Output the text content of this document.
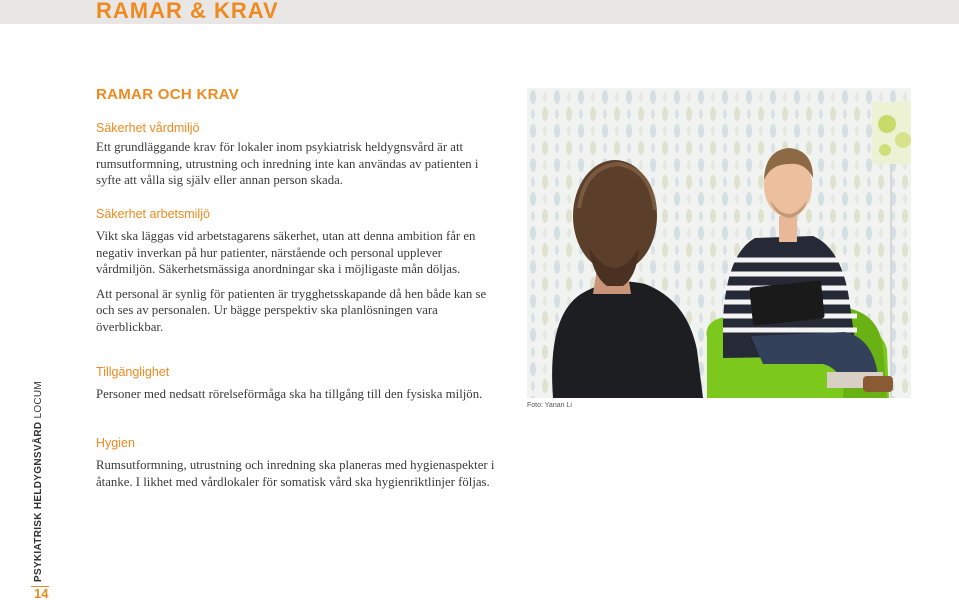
RAMAR & KRAV
RAMAR OCH KRAV
Säkerhet vårdmiljö

Ett grundläggande krav för lokaler inom psykiatrisk heldygnsvård är att rumsutformning, utrustning och inredning inte kan användas av patienten i syfte att vålla sig själv eller annan person skada.

Säkerhet arbetsmiljö

Vikt ska läggas vid arbetstagarens säkerhet, utan att denna ambition får en negativ inverkan på hur patienter, närstående och personal upplever vårdmiljön. Säkerhetsmässiga anordningar ska i möjligaste mån döljas.

Att personal är synlig för patienten är trygghetsskapande då hen både kan se och ses av personalen. Ur bägge perspektiv ska planlösningen vara överblickbar.

Tillgänglighet

Personer med nedsatt rörelseförmåga ska ha tillgång till den fysiska miljön.

Hygien

Rumsutformning, utrustning och inredning ska planeras med hygienaspekter i åtanke. I likhet med vårdlokaler för somatisk vård ska hygienriktlinjer följas.

Foto: Yanan Li
PSYKIATRISK HELDYGNSVÅRD LOCUM
14
